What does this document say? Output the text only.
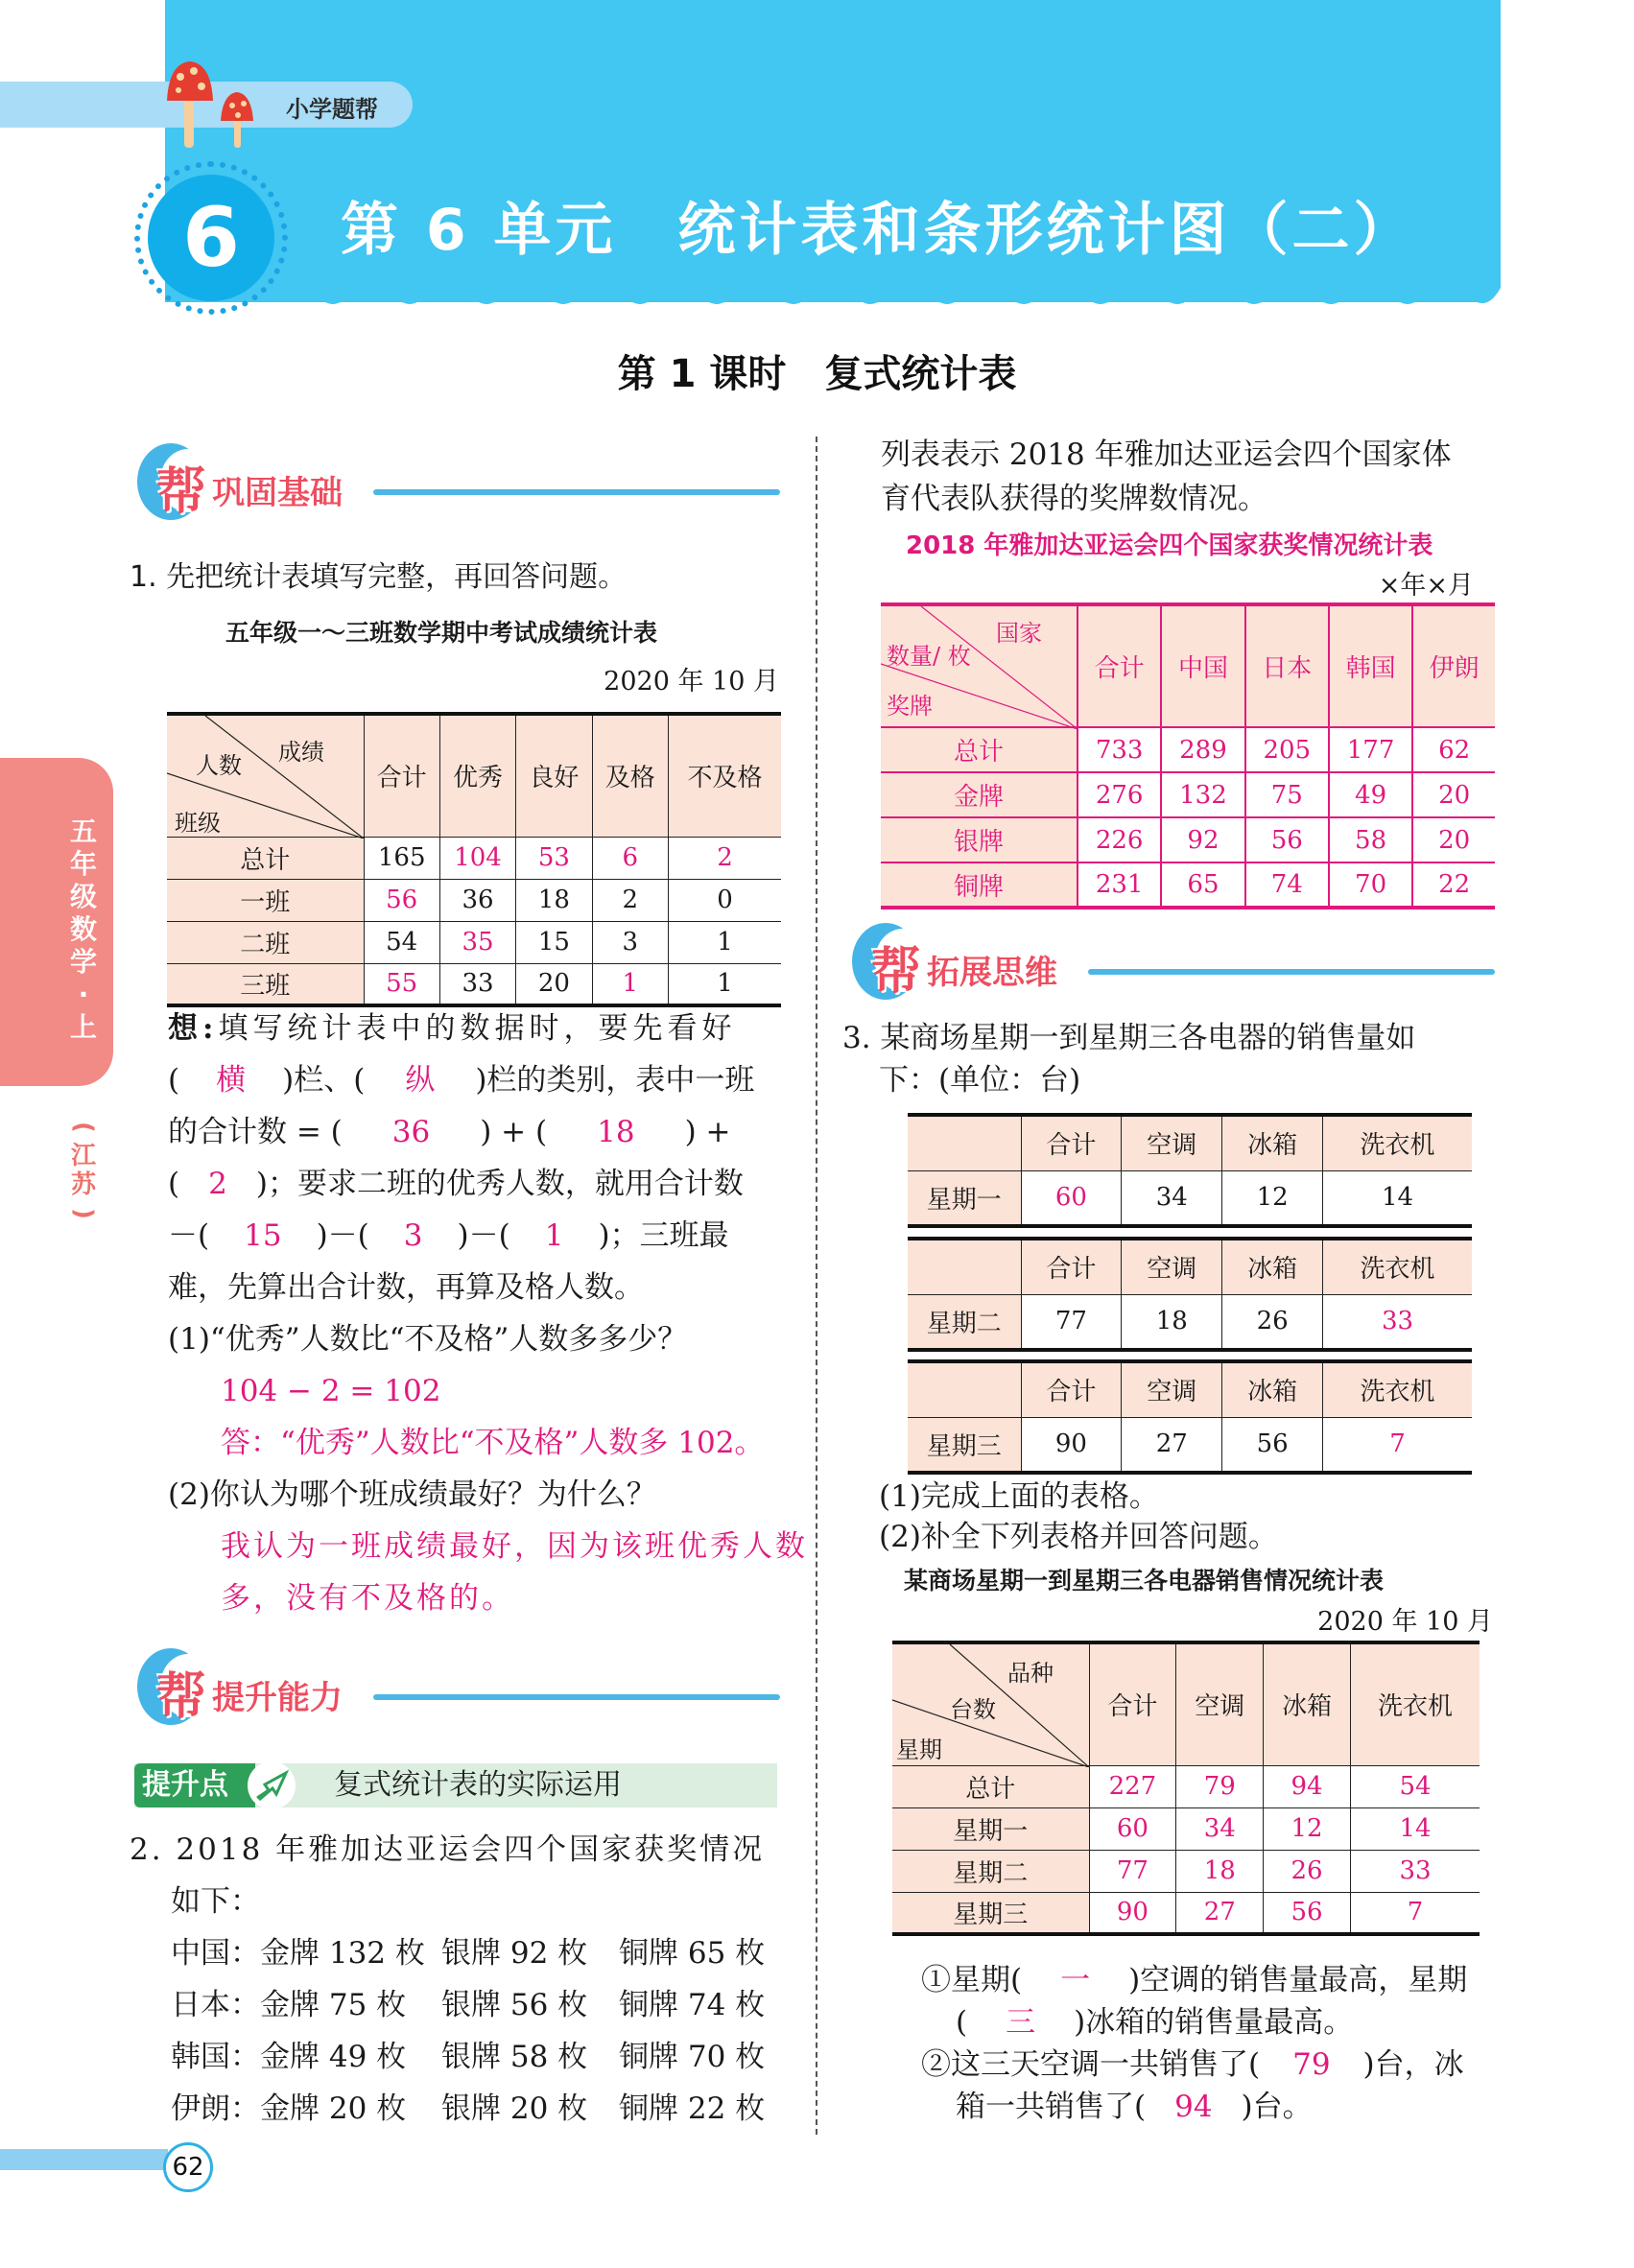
小学题帮
6	第 6 单元　统计表和条形统计图（二）
第 1 课时　复式统计表
五
年
级
数
学
·
上
(
江
苏
)
帮 巩固基础
1. 先把统计表填写完整，再回答问题。
五年级一～三班数学期中考试成绩统计表
2020 年 10 月
成绩
人数
班级	合计	优秀	良好	及格	不及格
总计	165	104	53	6	2
一班	56	36	18	2	0
二班	54	35	15	3	1
三班	55	33	20	1	1
想:填写统计表中的数据时，要先看好
( 横 )栏、( 纵 )栏的类别，表中一班
的合计数 = ( 36 ) + ( 18 ) +
( 2 )；要求二班的优秀人数，就用合计数
－( 15 )－( 3 )－( 1 )；三班最
难，先算出合计数，再算及格人数。
(1)“优秀”人数比“不及格”人数多多少？
104 − 2 = 102
答：“优秀”人数比“不及格”人数多 102。
(2)你认为哪个班成绩最好？为什么？
我认为一班成绩最好，因为该班优秀人数
多，没有不及格的。
帮 提升能力
提升点	复式统计表的实际运用
2. 2018 年雅加达亚运会四个国家获奖情况
如下：
中国：金牌 132 枚 银牌 92 枚 铜牌 65 枚
日本：金牌 75 枚 银牌 56 枚 铜牌 74 枚
韩国：金牌 49 枚 银牌 58 枚 铜牌 70 枚
伊朗：金牌 20 枚 银牌 20 枚 铜牌 22 枚
62
列表表示 2018 年雅加达亚运会四个国家体
育代表队获得的奖牌数情况。
2018 年雅加达亚运会四个国家获奖情况统计表
×年×月
国家
数量/ 枚
奖牌	合计	中国	日本	韩国	伊朗
总计	733	289	205	177	62
金牌	276	132	75	49	20
银牌	226	92	56	58	20
铜牌	231	65	74	70	22
帮 拓展思维
3. 某商场星期一到星期三各电器的销售量如
下：(单位：台)
	合计	空调	冰箱	洗衣机
星期一	60	34	12	14
	合计	空调	冰箱	洗衣机
星期二	77	18	26	33
	合计	空调	冰箱	洗衣机
星期三	90	27	56	7
(1)完成上面的表格。
(2)补全下列表格并回答问题。
某商场星期一到星期三各电器销售情况统计表
2020 年 10 月
品种
台数
星期	合计	空调	冰箱	洗衣机
总计	227	79	94	54
星期一	60	34	12	14
星期二	77	18	26	33
星期三	90	27	56	7
①星期( 一 )空调的销售量最高，星期
( 三 )冰箱的销售量最高。
②这三天空调一共销售了( 79 )台，冰
箱一共销售了( 94 )台。
